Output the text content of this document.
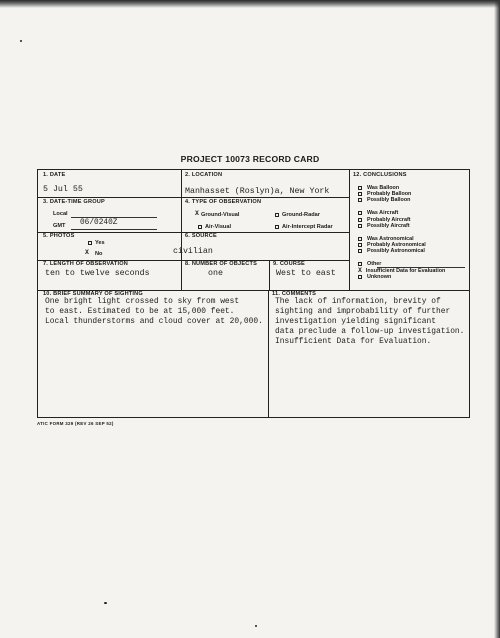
PROJECT 10073 RECORD CARD
1. DATE
5 Jul 55
2. LOCATION
Manhasset (Roslyn)a, New York
3. DATE-TIME GROUP
Local
GMT 06/0240Z
4. TYPE OF OBSERVATION
X Ground-Visual	Ground-Radar
Air-Visual	Air-Intercept Radar
5. PHOTOS
Yes
X No
6. SOURCE
civilian
7. LENGTH OF OBSERVATION
ten to twelve seconds
8. NUMBER OF OBJECTS
one
9. COURSE
West to east
12. CONCLUSIONS
Was Balloon
Probably Balloon
Possibly Balloon
Was Aircraft
Probably Aircraft
Possibly Aircraft
Was Astronomical
Probably Astronomical
Possibly Astronomical
Other
X Insufficient Data for Evaluation
Unknown
10. BRIEF SUMMARY OF SIGHTING
One bright light crossed to sky from west
to east. Estimated to be at 15,000 feet.
Local thunderstorms and cloud cover at 20,000.
11. COMMENTS
The lack of information, brevity of
sighting and improbability of further
investigation yielding significant
data preclude a follow-up investigation.
Insufficient Data for Evaluation.
ATIC FORM 329 (REV 26 SEP 52)
